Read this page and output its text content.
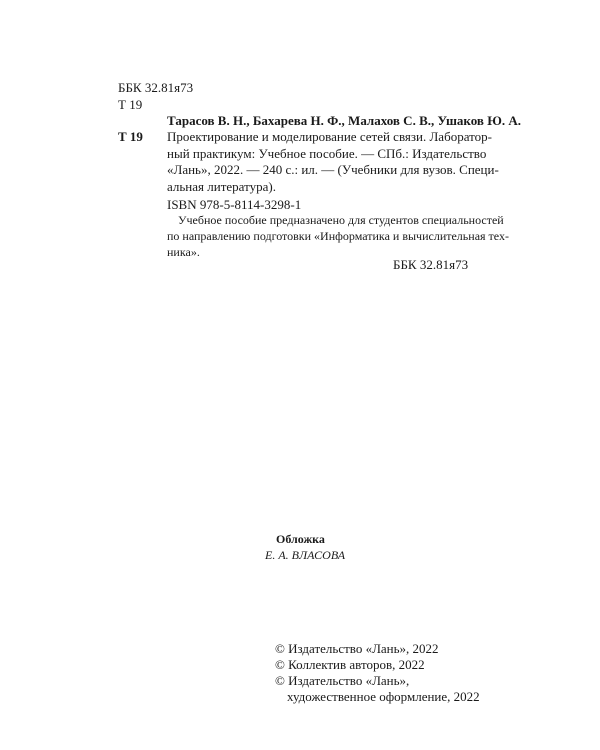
ББК 32.81я73
Т 19
Т 19
Тарасов В. Н., Бахарева Н. Ф., Малахов С. В., Ушаков Ю. А.
Проектирование и моделирование сетей связи. Лаборатор-
ный практикум: Учебное пособие. — СПб.: Издательство
«Лань», 2022. — 240 с.: ил. — (Учебники для вузов. Специ-
альная литература).
ISBN 978-5-8114-3298-1
Учебное пособие предназначено для студентов специальностей
по направлению подготовки «Информатика и вычислительная тех-
ника».
ББК 32.81я73
Обложка
Е. А. ВЛАСОВА
© Издательство «Лань», 2022
© Коллектив авторов, 2022
© Издательство «Лань»,
художественное оформление, 2022
